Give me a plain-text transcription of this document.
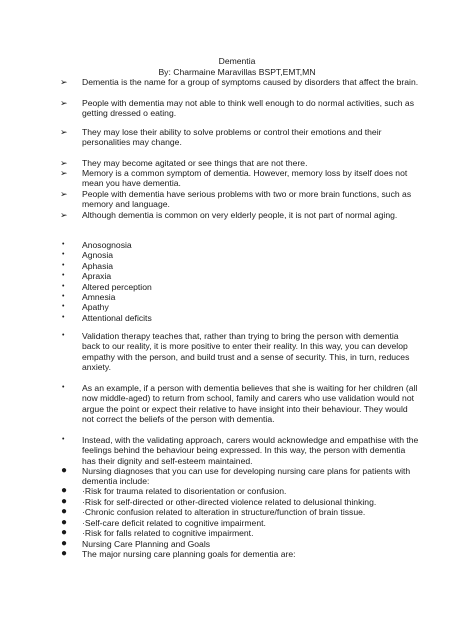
Dementia
By: Charmaine Maravillas BSPT,EMT,MN
➢	Dementia is the name for a group of symptoms caused by disorders that affect the brain.
➢	People with dementia may not able to think well enough to do normal activities, such as
getting dressed o eating.
➢	They may lose their ability to solve problems or control their emotions and their
personalities may change.
➢	They may become agitated or see things that are not there.
➢	Memory is a common symptom of dementia. However, memory loss by itself does not
mean you have dementia.
➢	People with dementia have serious problems with two or more brain functions, such as
memory and language.
➢	Although dementia is common on very elderly people, it is not part of normal aging.
•	Anosognosia
•	Agnosia
•	Aphasia
•	Apraxia
•	Altered perception
•	Amnesia
•	Apathy
•	Attentional deficits
•	Validation therapy teaches that, rather than trying to bring the person with dementia
back to our reality, it is more positive to enter their reality. In this way, you can develop
empathy with the person, and build trust and a sense of security. This, in turn, reduces
anxiety.
•	As an example, if a person with dementia believes that she is waiting for her children (all
now middle-aged) to return from school, family and carers who use validation would not
argue the point or expect their relative to have insight into their behaviour. They would
not correct the beliefs of the person with dementia.
•	Instead, with the validating approach, carers would acknowledge and empathise with the
feelings behind the behaviour being expressed. In this way, the person with dementia
has their dignity and self-esteem maintained.
●	Nursing diagnoses that you can use for developing nursing care plans for patients with
dementia include:
●	·Risk for trauma related to disorientation or confusion.
●	·Risk for self-directed or other-directed violence related to delusional thinking.
●	·Chronic confusion related to alteration in structure/function of brain tissue.
●	·Self-care deficit related to cognitive impairment.
●	·Risk for falls related to cognitive impairment.
●	Nursing Care Planning and Goals
●	The major nursing care planning goals for dementia are:
